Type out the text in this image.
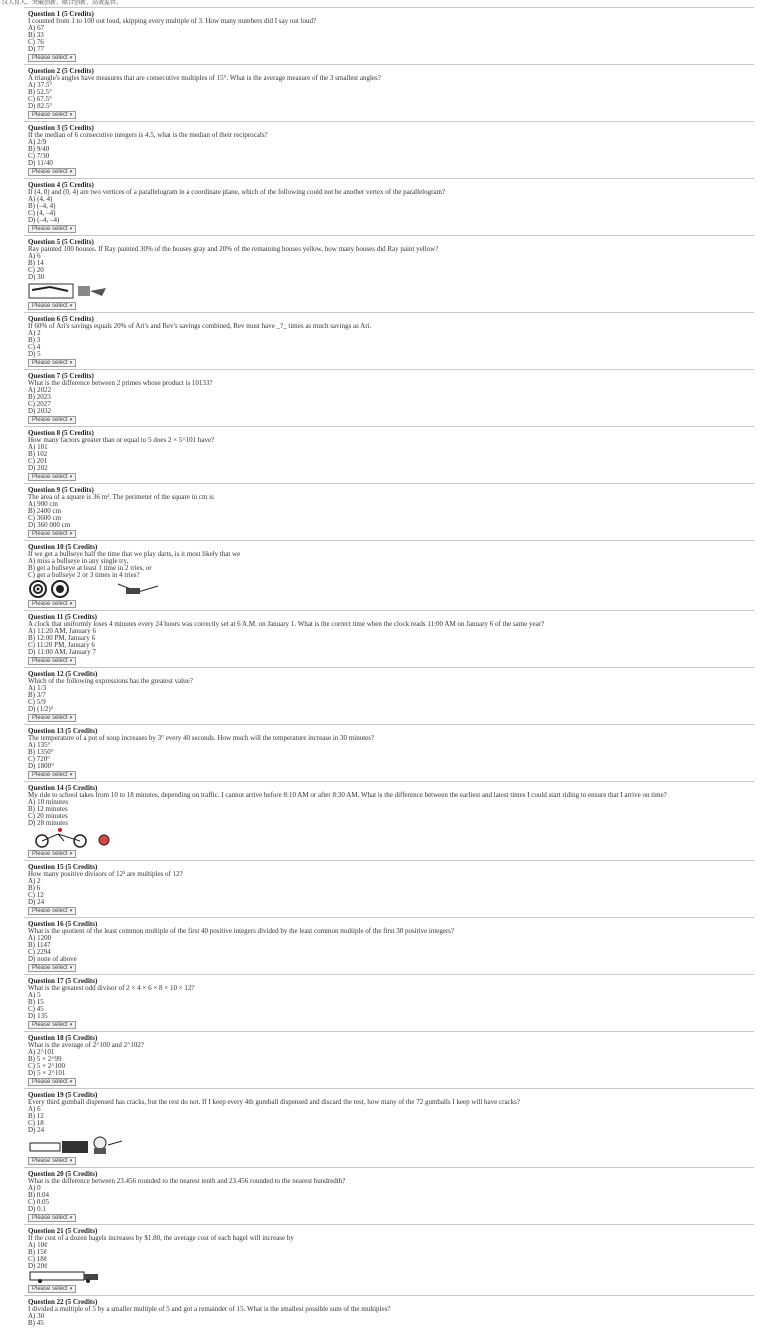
汉人育人、突破创新、联合创新、高效监管。
Question 1 (5 Credits)
I counted from 1 to 100 out loud, skipping every multiple of 3. How many numbers did I say out loud?
A) 67
B) 33
C) 76
D) 77
Please select ▾
Question 2 (5 Credits)
A triangle's angles have measures that are consecutive multiples of 15°. What is the average measure of the 3 smallest angles?
A) 37.5°
B) 52.5°
C) 67.5°
D) 82.5°
Please select ▾
Question 3 (5 Credits)
If the median of 6 consecutive integers is 4.5, what is the median of their reciprocals?
A) 2/9
B) 9/40
C) 7/30
D) 11/40
Please select ▾
Question 4 (5 Credits)
If (4, 0) and (0, 4) are two vertices of a parallelogram in a coordinate plane, which of the following could not be another vertex of the parallelogram?
A) (4, 4)
B) (–4, 4)
C) (4, –4)
D) (–4, –4)
Please select ▾
Question 5 (5 Credits)
Ray painted 100 houses. If Ray painted 30% of the houses gray and 20% of the remaining houses yellow, how many houses did Ray paint yellow?
A) 6
B) 14
C) 20
D) 30
Please select ▾
Question 6 (5 Credits)
If 60% of Ari's savings equals 20% of Ari's and Rev's savings combined, Rev must have _?_ times as much savings as Ari.
A) 2
B) 3
C) 4
D) 5
Please select ▾
Question 7 (5 Credits)
What is the difference between 2 primes whose product is 10133?
A) 2022
B) 2023
C) 2027
D) 2032
Please select ▾
Question 8 (5 Credits)
How many factors greater than or equal to 5 does 2 × 5^101 have?
A) 101
B) 102
C) 201
D) 202
Please select ▾
Question 9 (5 Credits)
The area of a square is 36 m². The perimeter of the square in cm is
A) 900 cm
B) 2400 cm
C) 3600 cm
D) 360 000 cm
Please select ▾
Question 10 (5 Credits)
If we get a bullseye half the time that we play darts, is it most likely that we
A) miss a bullseye in any single try,
B) get a bullseye at least 1 time in 2 tries, or
C) get a bullseye 2 or 3 times in 4 tries?
Please select ▾
Question 11 (5 Credits)
A clock that uniformly loses 4 minutes every 24 hours was correctly set at 6 A.M. on January 1. What is the correct time when the clock reads 11:00 AM on January 6 of the same year?
A) 11:20 AM, January 6
B) 12:00 PM, January 6
C) 11:20 PM, January 6
D) 11:00 AM, January 7
Please select ▾
Question 12 (5 Credits)
Which of the following expressions has the greatest value?
A) 1/3
B) 3/7
C) 5/9
D) (1/2)²
Please select ▾
Question 13 (5 Credits)
The temperature of a pot of soup increases by 3° every 40 seconds. How much will the temperature increase in 30 minutes?
A) 135°
B) 1350°
C) 720°
D) 1800°
Please select ▾
Question 14 (5 Credits)
My ride to school takes from 10 to 18 minutes, depending on traffic. I cannot arrive before 8:10 AM or after 8:30 AM. What is the difference between the earliest and latest times I could start riding to ensure that I arrive on time?
A) 10 minutes
B) 12 minutes
C) 20 minutes
D) 28 minutes
Please select ▾
Question 15 (5 Credits)
How many positive divisors of 12² are multiples of 12?
A) 2
B) 6
C) 12
D) 24
Please select ▾
Question 16 (5 Credits)
What is the quotient of the least common multiple of the first 40 positive integers divided by the least common multiple of the first 30 positive integers?
A) 1200
B) 1147
C) 2294
D) none of above
Please select ▾
Question 17 (5 Credits)
What is the greatest odd divisor of 2 × 4 × 6 × 8 × 10 × 12?
A) 5
B) 15
C) 45
D) 135
Please select ▾
Question 18 (5 Credits)
What is the average of 2^100 and 2^102?
A) 2^101
B) 5 × 2^99
C) 5 × 2^100
D) 5 × 2^101
Please select ▾
Question 19 (5 Credits)
Every third gumball dispensed has cracks, but the rest do not. If I keep every 4th gumball dispensed and discard the rest, how many of the 72 gumballs I keep will have cracks?
A) 6
B) 12
C) 18
D) 24
Please select ▾
Question 20 (5 Credits)
What is the difference between 23.456 rounded to the nearest tenth and 23.456 rounded to the nearest hundredth?
A) 0
B) 0.04
C) 0.05
D) 0.1
Please select ▾
Question 21 (5 Credits)
If the cost of a dozen bagels increases by $1.80, the average cost of each bagel will increase by
A) 10¢
B) 15¢
C) 18¢
D) 20¢
Please select ▾
Question 22 (5 Credits)
I divided a multiple of 5 by a smaller multiple of 5 and got a remainder of 15. What is the smallest possible sum of the multiples?
A) 30
B) 45
